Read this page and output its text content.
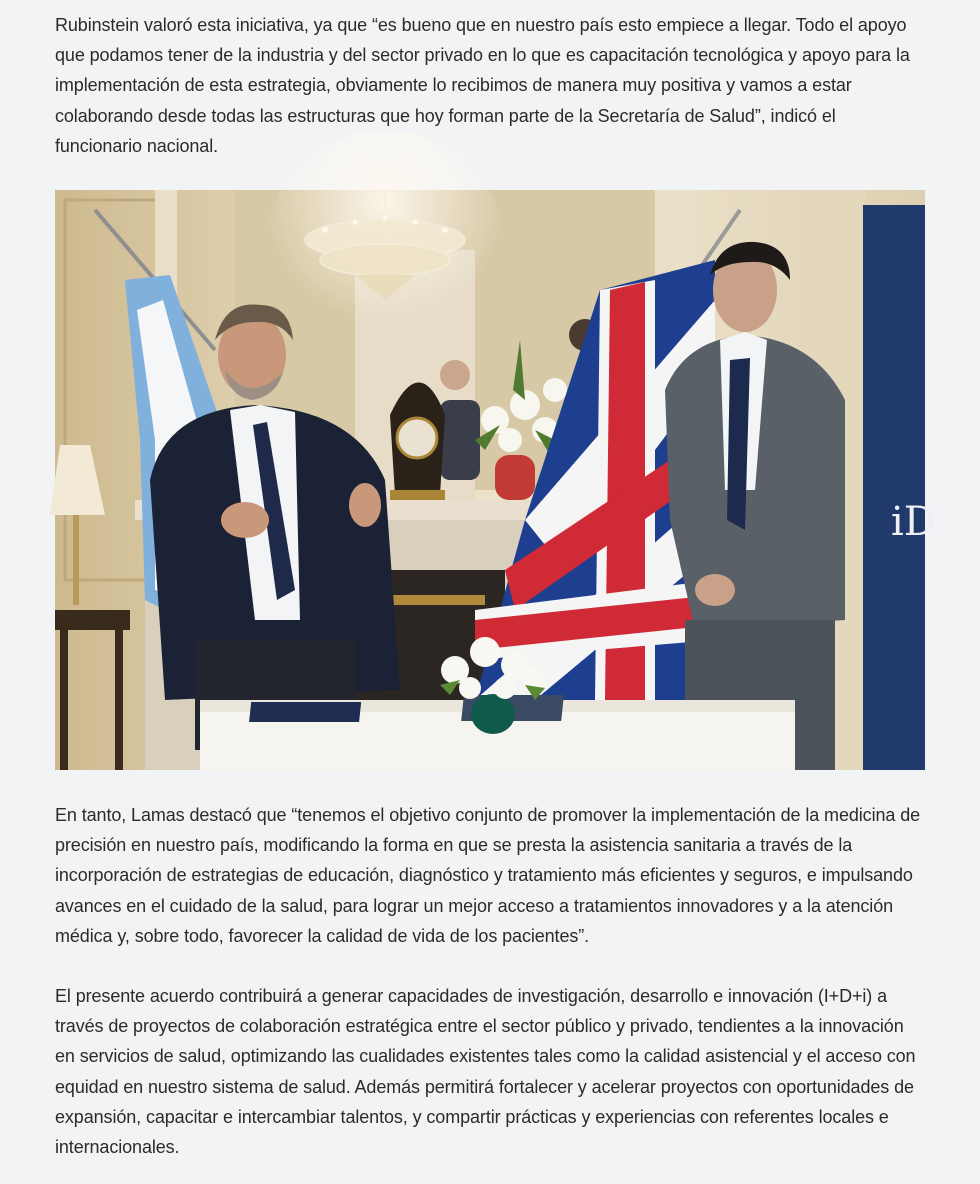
Rubinstein valoró esta iniciativa, ya que “es bueno que en nuestro país esto empiece a llegar. Todo el apoyo que podamos tener de la industria y del sector privado en lo que es capacitación tecnológica y apoyo para la implementación de esta estrategia, obviamente lo recibimos de manera muy positiva y vamos a estar colaborando desde todas las estructuras que hoy forman parte de la Secretaría de Salud”, indicó el funcionario nacional.

iD

En tanto, Lamas destacó que “tenemos el objetivo conjunto de promover la implementación de la medicina de precisión en nuestro país, modificando la forma en que se presta la asistencia sanitaria a través de la incorporación de estrategias de educación, diagnóstico y tratamiento más eficientes y seguros, e impulsando avances en el cuidado de la salud, para lograr un mejor acceso a tratamientos innovadores y a la atención médica y, sobre todo, favorecer la calidad de vida de los pacientes”.

El presente acuerdo contribuirá a generar capacidades de investigación, desarrollo e innovación (I+D+i) a través de proyectos de colaboración estratégica entre el sector público y privado, tendientes a la innovación en servicios de salud, optimizando las cualidades existentes tales como la calidad asistencial y el acceso con equidad en nuestro sistema de salud. Además permitirá fortalecer y acelerar proyectos con oportunidades de expansión, capacitar e intercambiar talentos, y compartir prácticas y experiencias con referentes locales e internacionales.
